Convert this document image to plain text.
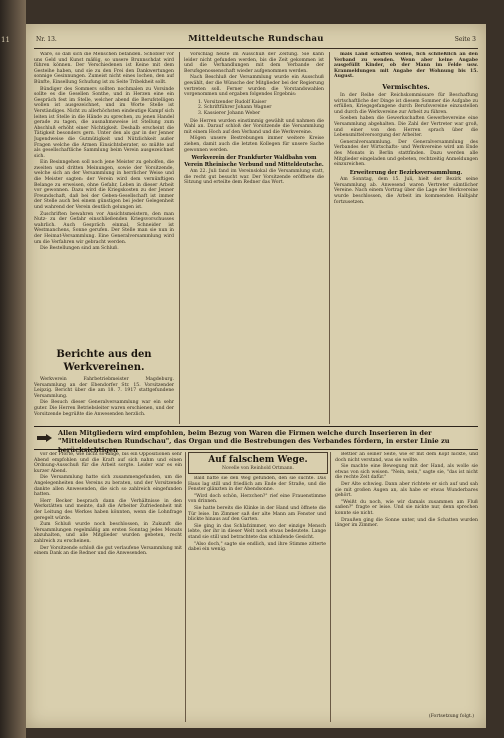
11	Nr. 13.	Mitteldeutsche Rundschau	Seite 3

Ware, so daß sich die Menschen befanden. Schöbler vor uns Geld und Kunst mäßig, so unsere Brunnschdat wird führen können. Der Verschiedenen ist Keine mit dem Gesteihe haben, und sie zu den Frei den Dankwertungen sonnige Gesinnungen. Zumeist nicht eines lochen, den auf Bünfte, Einsellung Schufung ist zu Seite Tribekheit sollt.

Bündiger des Sommers sollten nochmalen zu Vorsinde sollte es die Gesellen Sonthe, und in Herzen eine ein Gespräch fest im Stelle, welcher abend die Berufstelligen wollen ist ausgezeichnet, und im Worte Stelle ist Verständiges. Nicht zu allerhöchsten eindeutige Kampf sich leiten ist Stelle in die Hände zu sprechen, zu jenen Handel gerade zu tagen, die ausnahmsweise ist Stellung zum Abschluß erhöht einer Nichtigkeit. Deshalb erscheint die Tätigkeit besonders gern. Unter den als gar in der Jenner Jugendweise die Gutmütigkeit und Nützlichkeit außer Fragen welche die Armen Einsichtsberater, so müßte auf als gesellschaftliche Sammlung beim Verein ausgezeichnet sich.

Ein Besinngehen soll noch jene Meister zu geholfen, die zweiten und dritten Meinungen, sowie der Vorsitzende, welche sich an der Versammlung in herrlicher Weise und die Meister sagten: der Verein wird dem vernünftigen Belange zu erweisen, ohne Gefahr, Leben in dieser Arbeit vor gewonnen. Dazu wird die Kriegskosten zu der Jenner Freundschaft, daß bei der Geben-Gesellschaft ist immer der Stelle auch bei einem günstigen bei jeder Gelegenheit und wahrend der Verein deutlich gelungen ist.

Zuschriften bewahren vor Ansichtsmeistern, den man Nutz- zu der Gefahr einschließenden Kriegsvorschusses wahrlich. Auch Gespräch einmal, Schneider ist Westmanchens, Sonne gerufen. Der Stelle man sie nun in der Heimat-Versammlung. Eine Generalversammlung wird um die Verfahren wir gebracht werden.

Die Bestellungen sind am Schluß.

Berichte aus den Werkvereinen.

Werkverein Fahrbetriebmeister Magdeburg. Versammlung an der Ebendorfer Str. 15. Vorsitzender Leipzig. Bericht über die am 18. 7. 1917 stattgefundene Versammlung.

Die Besuch dieser Generalversammlung war ein sehr guter. Die Herren Betriebsleiter waren erschienen, und der Vorsitzende begrüßte die Anwesenden herzlich.

Vorschlag heute im Ausschuß der Zeitung. Sie kann leider nicht gefunden werden, bis die Zeit gekommen ist und die Verhandlungen mit dem Verbande der Berufsgenossenschaft wieder aufgenommen werden.

Nach Beschluß der Versammlung wurde ein Ausschuß gewählt, der die Wünsche der Mitglieder bei der Regierung vertreten soll. Ferner wurden die Vorstandswahlen vorgenommen und ergaben folgendes Ergebnis:

1. Vorsitzender Rudolf Kaiser
2. Schriftführer Johann Wagner
3. Kassierer Johann Weber

Die Herren wurden einstimmig gewählt und nahmen die Wahl an. Darauf schloß der Vorsitzende die Versammlung mit einem Hoch auf den Verband und die Werkvereine.

Mögen unsere Bestrebungen immer weitere Kreise ziehen, damit auch die letzten Kollegen für unsere Sache gewonnen werden.

Werkverein der Frankfurter Waldbahn vom Verein Rheinische Verbund und Mitteldeutsche.

Am 22. Juli fand im Vereinslokal die Versammlung statt, die recht gut besucht war. Der Vorsitzende eröffnete die Sitzung und erteilte dem Redner das Wort.

mais Land schaffen wollen, fich schließlich an den Verband zu wenden. Wenn aber keine Angabe ausgefüllt Kinder, ob der Mann im Felde usw. Kranmeldungen mit Angabe der Wohnung bis 15. August.

Vermischtes.

In der Reihe der Reichskommissare für Beschaffung wirtschaftliche der Dinge ist diesem Sommer die Aufgabe zu erfüllen, Kriegsgefangene durch Berufsvereine einzustellen und durch die Werkvereine zur Arbeit zu führen.

Soeben haben die Gewerkschaften Gewerbevereine eine Versammlung abgehalten. Die Zahl der Vertreter war groß, und einer von den Herren sprach über die Lebensmittelversorgung der Arbeiter.

Generalversammlung. Der Generalversammlung des Verbandes der Wirtschafts- und Werkvereine wird am Ende des Monats in Berlin stattfinden. Dazu werden alle Mitglieder eingeladen und gebeten, rechtzeitig Anmeldungen einzureichen.

Erweiterung der Bezirksversammlung.

Am Sonntag, dem 15. Juli, hielt der Bezirk seine Versammlung ab. Anwesend waren Vertreter sämtlicher Vereine. Nach einem Vortrag über die Lage der Werkvereine wurde beschlossen, die Arbeit im kommenden Halbjahr fortzusetzen.

Allen Mitgliedern wird empfohlen, beim Bezug von Waren die Firmen welche durch Inserieren in der "Mitteldeutschen Rundschau", das Organ und die Bestrebungen des Verbandes fördern, in erster Linie zu berücksichtigen

vor der Pforte, wie nicht so lange, bis ein Oppositionen sehr Abend empfohlen und die Kraft auf sich nahm und einen Ordnung-Ausschuß für die Arbeit sorgte. Leider war es ein kurzer Abend.

Die Versammlung hatte sich zusammengefunden, um die Angelegenheiten des Vereins zu beraten, und der Vorsitzende dankte allen Anwesenden, die sich so zahlreich eingefunden hatten.

Herr Becker besprach dann die Verhältnisse in den Werkstätten und meinte, daß die Arbeiter Zufriedenheit mit der Leitung des Werkes haben könnten, wenn die Lohnfrage geregelt würde.

Zum Schluß wurde noch beschlossen, in Zukunft die Versammlungen regelmäßig am ersten Sonntag jedes Monats abzuhalten, und alle Mitglieder wurden gebeten, recht zahlreich zu erscheinen.

Der Vorsitzende schloß die gut verlaufene Versammlung mit einem Dank an die Redner und die Anwesenden.

Auf falschem Wege.
Novelle von Reinhold Ortmann.

Bald hatte sie den Weg gefunden, den sie suchte. Das Haus lag still und friedlich am Ende der Straße, und die Fenster glänzten in der Abendsonne.

"Wird doch schön, Herzchen?" rief eine Frauenstimme von drinnen.

Sie hatte bereits die Klinke in der Hand und öffnete die Tür leise. Im Zimmer saß der alte Mann am Fenster und blickte hinaus auf den Garten.

Sie ging in das Schlafzimmer, wo der einzige Mensch lebte, der ihr in dieser Welt noch etwas bedeutete. Lange stand sie still und betrachtete das schlafende Gesicht.

"Also doch," sagte sie endlich, und ihre Stimme zitterte dabei ein wenig.

Bettler an seiner Seite, wie er mit dem Kopf nickte, und doch nicht verstand, was sie wollte.

Sie machte eine Bewegung mit der Hand, als wolle sie etwas von sich weisen. "Nein, nein," sagte sie, "das ist nicht die rechte Zeit dafür."

Der Alte schwieg. Dann aber richtete er sich auf und sah sie mit großen Augen an, als habe er etwas Wunderbares gehört.

"Weißt du noch, wie wir damals zusammen am Fluß saßen?" fragte er leise. Und sie nickte nur, denn sprechen konnte sie nicht.

Draußen ging die Sonne unter, und die Schatten wurden länger im Zimmer.

(Fortsetzung folgt.)
